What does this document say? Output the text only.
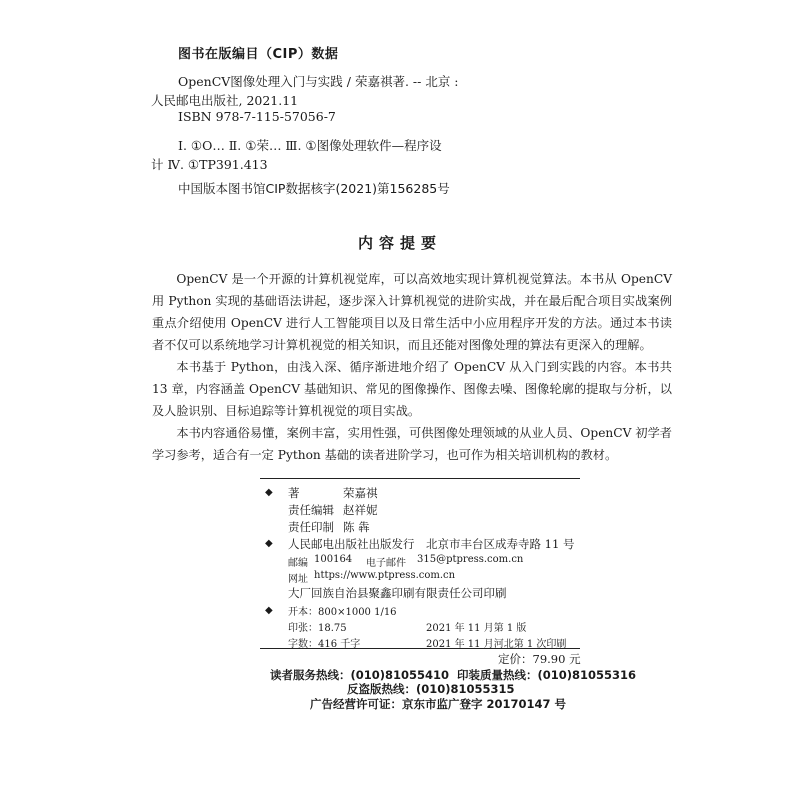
图书在版编目（CIP）数据
OpenCV图像处理入门与实践 / 荣嘉祺著. -- 北京 :
人民邮电出版社, 2021.11
ISBN 978-7-115-57056-7
Ⅰ. ①O… Ⅱ. ①荣… Ⅲ. ①图像处理软件—程序设
计 Ⅳ. ①TP391.413
中国版本图书馆CIP数据核字(2021)第156285号
内容提要

OpenCV 是一个开源的计算机视觉库，可以高效地实现计算机视觉算法。本书从 OpenCV 用 Python 实现的基础语法讲起，逐步深入计算机视觉的进阶实战，并在最后配合项目实战案例重点介绍使用 OpenCV 进行人工智能项目以及日常生活中小应用程序开发的方法。通过本书读者不仅可以系统地学习计算机视觉的相关知识，而且还能对图像处理的算法有更深入的理解。

本书基于 Python，由浅入深、循序渐进地介绍了 OpenCV 从入门到实践的内容。本书共 13 章，内容涵盖 OpenCV 基础知识、常见的图像操作、图像去噪、图像轮廓的提取与分析，以及人脸识别、目标追踪等计算机视觉的项目实战。

本书内容通俗易懂，案例丰富，实用性强，可供图像处理领域的从业人员、OpenCV 初学者学习参考，适合有一定 Python 基础的读者进阶学习，也可作为相关培训机构的教材。

◆ 著	荣嘉祺
责任编辑 赵祥妮
责任印制 陈 犇
◆ 人民邮电出版社出版发行 北京市丰台区成寿寺路 11 号
邮编 100164 电子邮件 315@ptpress.com.cn
网址 https://www.ptpress.com.cn
大厂回族自治县聚鑫印刷有限责任公司印刷
◆ 开本：800×1000 1/16
印张：18.75	2021 年 11 月第 1 版
字数：416 千字	2021 年 11 月河北第 1 次印刷
定价：79.90 元
读者服务热线：(010)81055410 印装质量热线：(010)81055316
反盗版热线：(010)81055315
广告经营许可证：京东市监广登字 20170147 号
